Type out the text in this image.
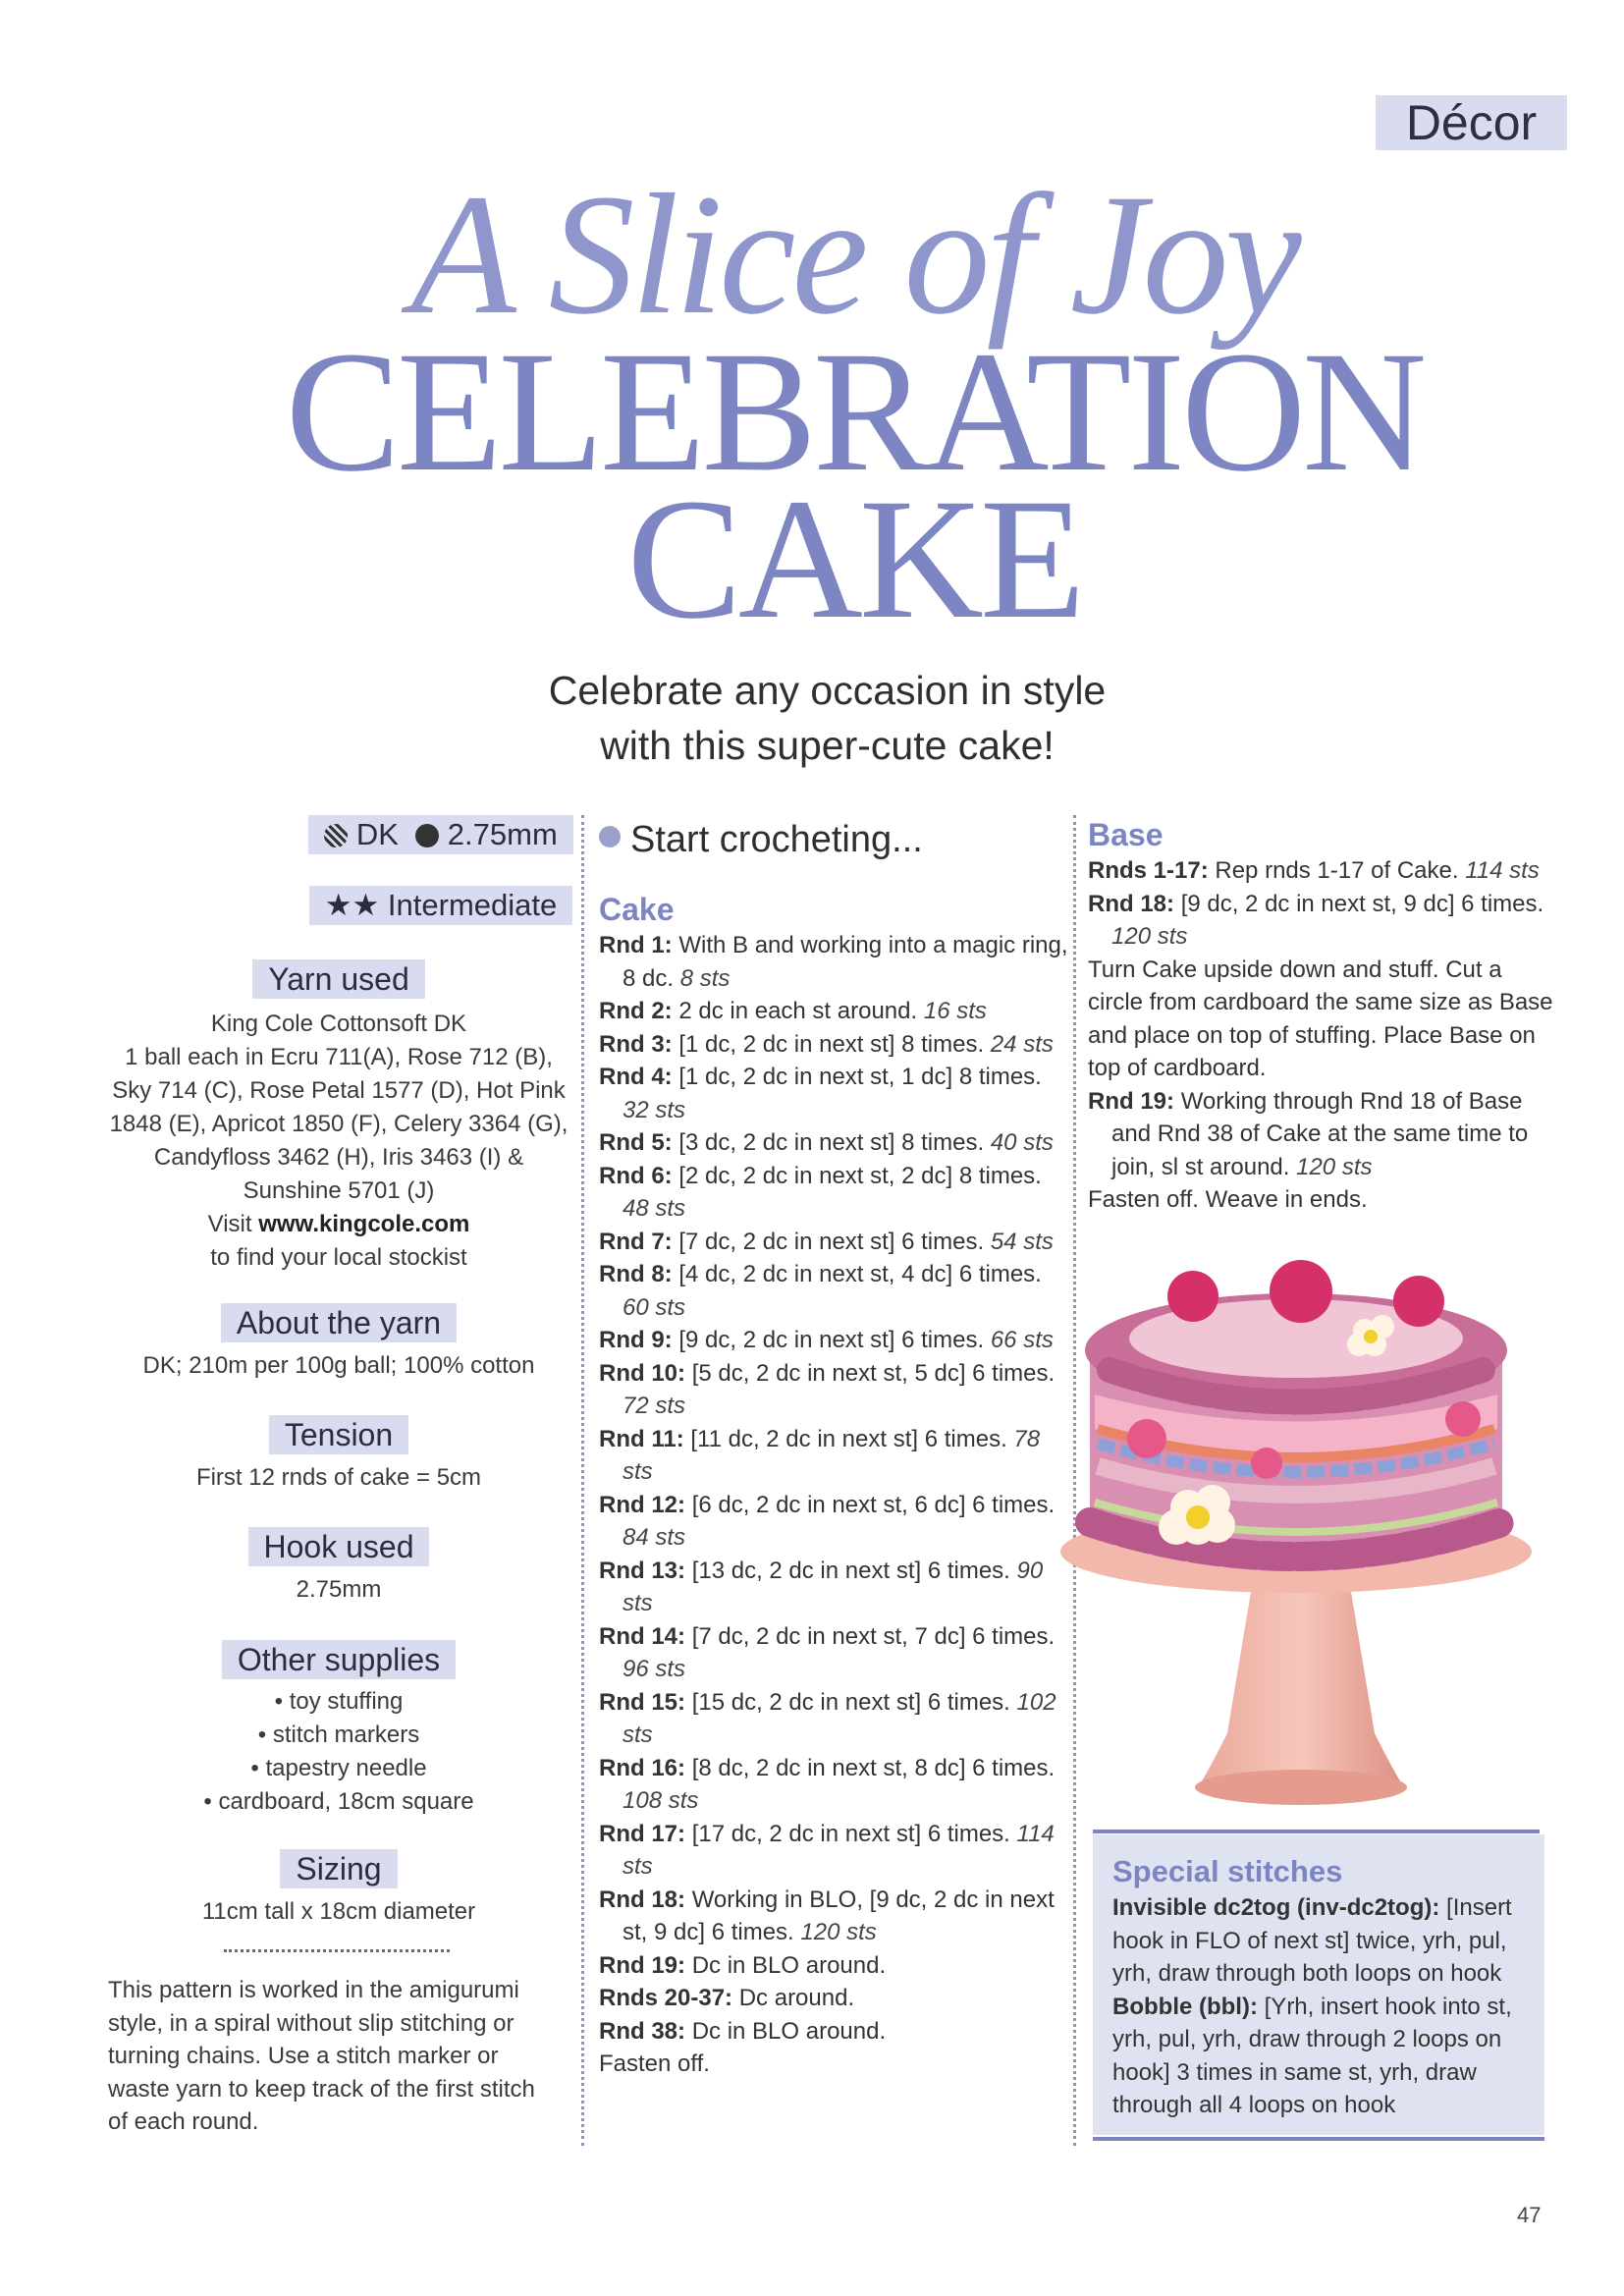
Décor
A Slice of Joy
CELEBRATION
CAKE
Celebrate any occasion in style
with this super-cute cake!
DK 2.75mm
★★ Intermediate
Yarn used
King Cole Cottonsoft DK
1 ball each in Ecru 711(A), Rose 712 (B),
Sky 714 (C), Rose Petal 1577 (D), Hot Pink
1848 (E), Apricot 1850 (F), Celery 3364 (G),
Candyfloss 3462 (H), Iris 3463 (I) &
Sunshine 5701 (J)
Visit www.kingcole.com
to find your local stockist
About the yarn
DK; 210m per 100g ball; 100% cotton
Tension
First 12 rnds of cake = 5cm
Hook used
2.75mm
Other supplies
• toy stuffing
• stitch markers
• tapestry needle
• cardboard, 18cm square
Sizing
11cm tall x 18cm diameter
This pattern is worked in the amigurumi style, in a spiral without slip stitching or turning chains. Use a stitch marker or waste yarn to keep track of the first stitch of each round.
Start crocheting...
Cake
Rnd 1: With B and working into a magic ring, 8 dc. 8 sts
Rnd 2: 2 dc in each st around. 16 sts
Rnd 3: [1 dc, 2 dc in next st] 8 times. 24 sts
Rnd 4: [1 dc, 2 dc in next st, 1 dc] 8 times. 32 sts
Rnd 5: [3 dc, 2 dc in next st] 8 times. 40 sts
Rnd 6: [2 dc, 2 dc in next st, 2 dc] 8 times. 48 sts
Rnd 7: [7 dc, 2 dc in next st] 6 times. 54 sts
Rnd 8: [4 dc, 2 dc in next st, 4 dc] 6 times. 60 sts
Rnd 9: [9 dc, 2 dc in next st] 6 times. 66 sts
Rnd 10: [5 dc, 2 dc in next st, 5 dc] 6 times. 72 sts
Rnd 11: [11 dc, 2 dc in next st] 6 times. 78 sts
Rnd 12: [6 dc, 2 dc in next st, 6 dc] 6 times. 84 sts
Rnd 13: [13 dc, 2 dc in next st] 6 times. 90 sts
Rnd 14: [7 dc, 2 dc in next st, 7 dc] 6 times. 96 sts
Rnd 15: [15 dc, 2 dc in next st] 6 times. 102 sts
Rnd 16: [8 dc, 2 dc in next st, 8 dc] 6 times. 108 sts
Rnd 17: [17 dc, 2 dc in next st] 6 times. 114 sts
Rnd 18: Working in BLO, [9 dc, 2 dc in next st, 9 dc] 6 times. 120 sts
Rnd 19: Dc in BLO around.
Rnds 20-37: Dc around.
Rnd 38: Dc in BLO around.
Fasten off.
Base
Rnds 1-17: Rep rnds 1-17 of Cake. 114 sts
Rnd 18: [9 dc, 2 dc in next st, 9 dc] 6 times. 120 sts
Turn Cake upside down and stuff. Cut a circle from cardboard the same size as Base and place on top of stuffing. Place Base on top of cardboard.
Rnd 19: Working through Rnd 18 of Base and Rnd 38 of Cake at the same time to join, sl st around. 120 sts
Fasten off. Weave in ends.
Special stitches
Invisible dc2tog (inv-dc2tog): [Insert hook in FLO of next st] twice, yrh, pul, yrh, draw through both loops on hook
Bobble (bbl): [Yrh, insert hook into st, yrh, pul, yrh, draw through 2 loops on hook] 3 times in same st, yrh, draw through all 4 loops on hook
47
